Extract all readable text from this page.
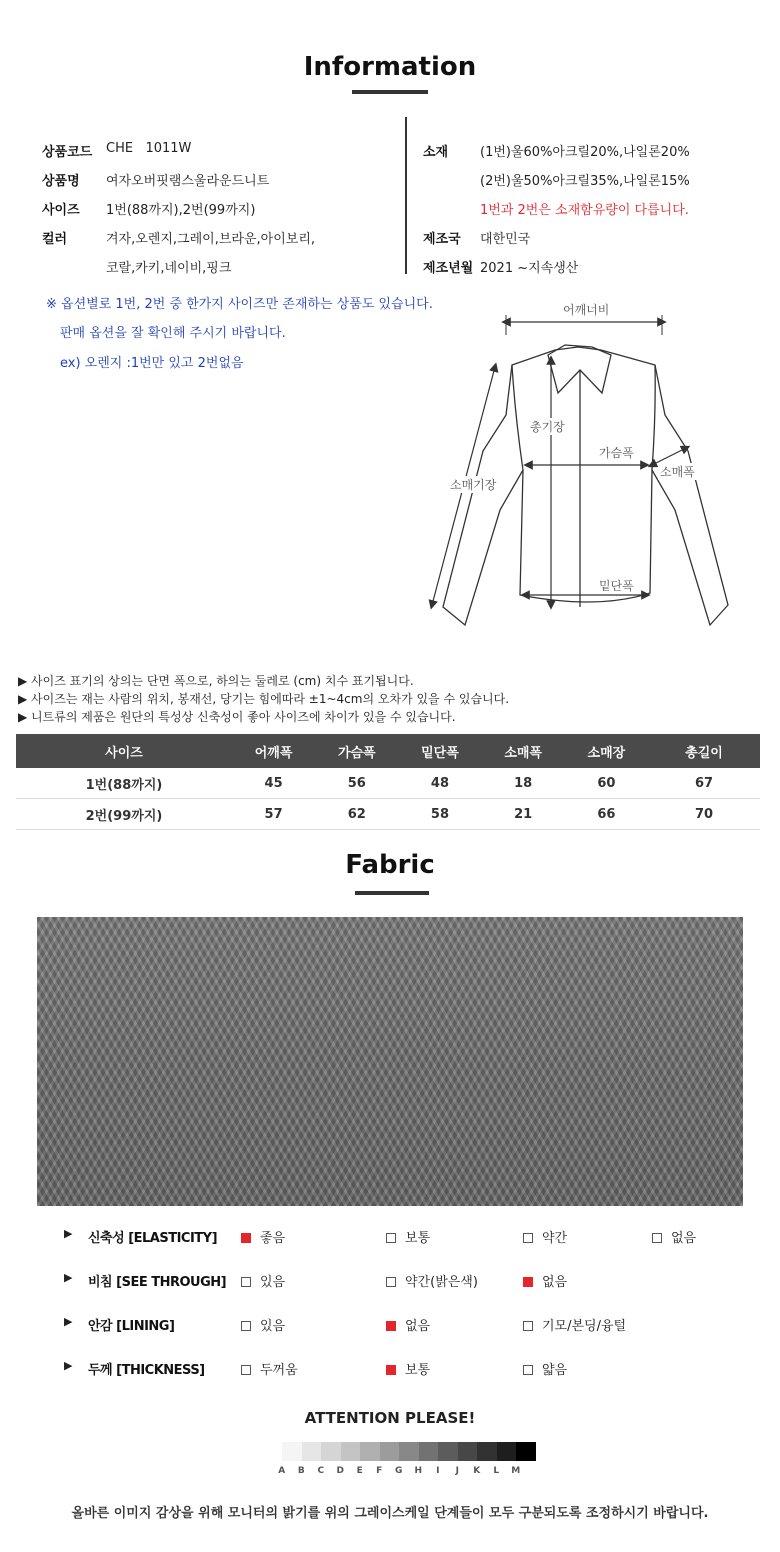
Information
상품코드 CHE   1011W
상품명 여자오버핏램스울라운드니트
사이즈 1번(88까지),2번(99까지)
컬러	겨자,오렌지,그레이,브라운,아이보리,
코랄,카키,네이비,핑크
소재 (1번)울60%아크릴20%,나일론20%
(2번)울50%아크릴35%,나일론15%
1번과 2번은 소재함유량이 다릅니다.
제조국 대한민국
제조년월 2021 ~지속생산
※ 옵션별로 1번, 2번 중 한가지 사이즈만 존재하는 상품도 있습니다.
판매 옵션을 잘 확인해 주시기 바랍니다.
ex) 오렌지 :1번만 있고 2번없음
어깨너비
총기장
가슴폭
소매폭
소매기장
밑단폭
▶ 사이즈 표기의 상의는 단면 폭으로, 하의는 둘레로 (cm) 치수 표기됩니다.
▶ 사이즈는 재는 사람의 위치, 봉재선, 당기는 힘에따라 ±1~4cm의 오차가 있을 수 있습니다.
▶ 니트류의 제품은 원단의 특성상 신축성이 좋아 사이즈에 차이가 있을 수 있습니다.
사이즈	어깨폭	가슴폭	밑단폭	소매폭	소매장	총길이
1번(88까지)	45	56	48	18	60	67
2번(99까지)	57	62	58	21	66	70
Fabric
▶ 신축성 [ELASTICITY]	좋음	보통	약간	없음
▶ 비침 [SEE THROUGH]	있음	약간(밝은색)	없음
▶ 안감 [LINING]	있음	없음	기모/본딩/융털
▶ 두께 [THICKNESS]	두꺼움	보통	얇음
ATTENTION PLEASE!
A	B	C	D	E	F	G	H	I	J	K	L	M
올바른 이미지 감상을 위해 모니터의 밝기를 위의 그레이스케일 단계들이 모두 구분되도록 조정하시기 바랍니다.
